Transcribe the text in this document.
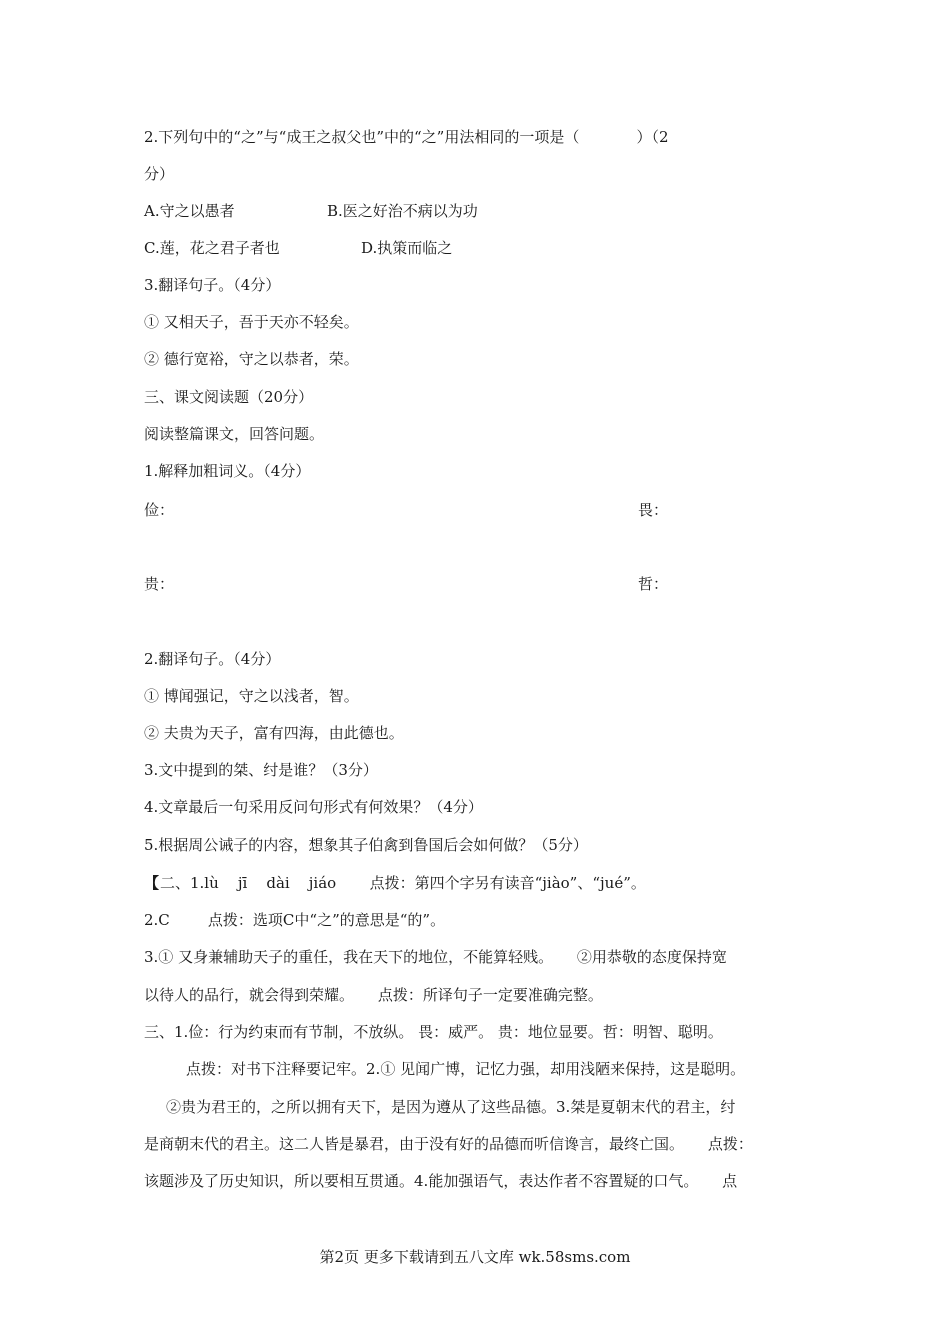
2.下列句中的“之”与“成王之叔父也”中的“之”用法相同的一项是（            ）（2
分）
A.守之以愚者	B.医之好治不病以为功
C.莲，花之君子者也	D.执策而临之
3.翻译句子。（4分）
① 又相天子，吾于天亦不轻矣。
② 德行宽裕，守之以恭者，荣。
三、课文阅读题（20分）
阅读整篇课文，回答问题。
1.解释加粗词义。（4分）
俭：	畏：
贵：	哲：
2.翻译句子。（4分）
① 博闻强记，守之以浅者，智。
② 夫贵为天子，富有四海，由此德也。
3.文中提到的桀、纣是谁？（3分）
4.文章最后一句采用反问句形式有何效果？（4分）
5.根据周公诫子的内容，想象其子伯禽到鲁国后会如何做？（5分）
【 二、1.lù    jī    dài    jiáo       点拨：第四个字另有读音“jiào”、“jué”。
2.C        点拨：选项C中“之”的意思是“的”。
3.① 又身兼辅助天子的重任，我在天下的地位，不能算轻贱。     ②用恭敬的态度保持宽
以待人的品行，就会得到荣耀。     点拨：所译句子一定要准确完整。
三、1.俭：行为约束而有节制，不放纵。 畏：威严。 贵：地位显要。哲：明智、聪明。
点拨：对书下注释要记牢。2.① 见闻广博，记忆力强，却用浅陋来保持，这是聪明。
②贵为君王的，之所以拥有天下，是因为遵从了这些品德。3.桀是夏朝末代的君主，纣
是商朝末代的君主。这二人皆是暴君，由于没有好的品德而听信谗言，最终亡国。     点拨：
该题涉及了历史知识，所以要相互贯通。4.能加强语气，表达作者不容置疑的口气。     点
第2页 更多下载请到五八文库 wk.58sms.com
